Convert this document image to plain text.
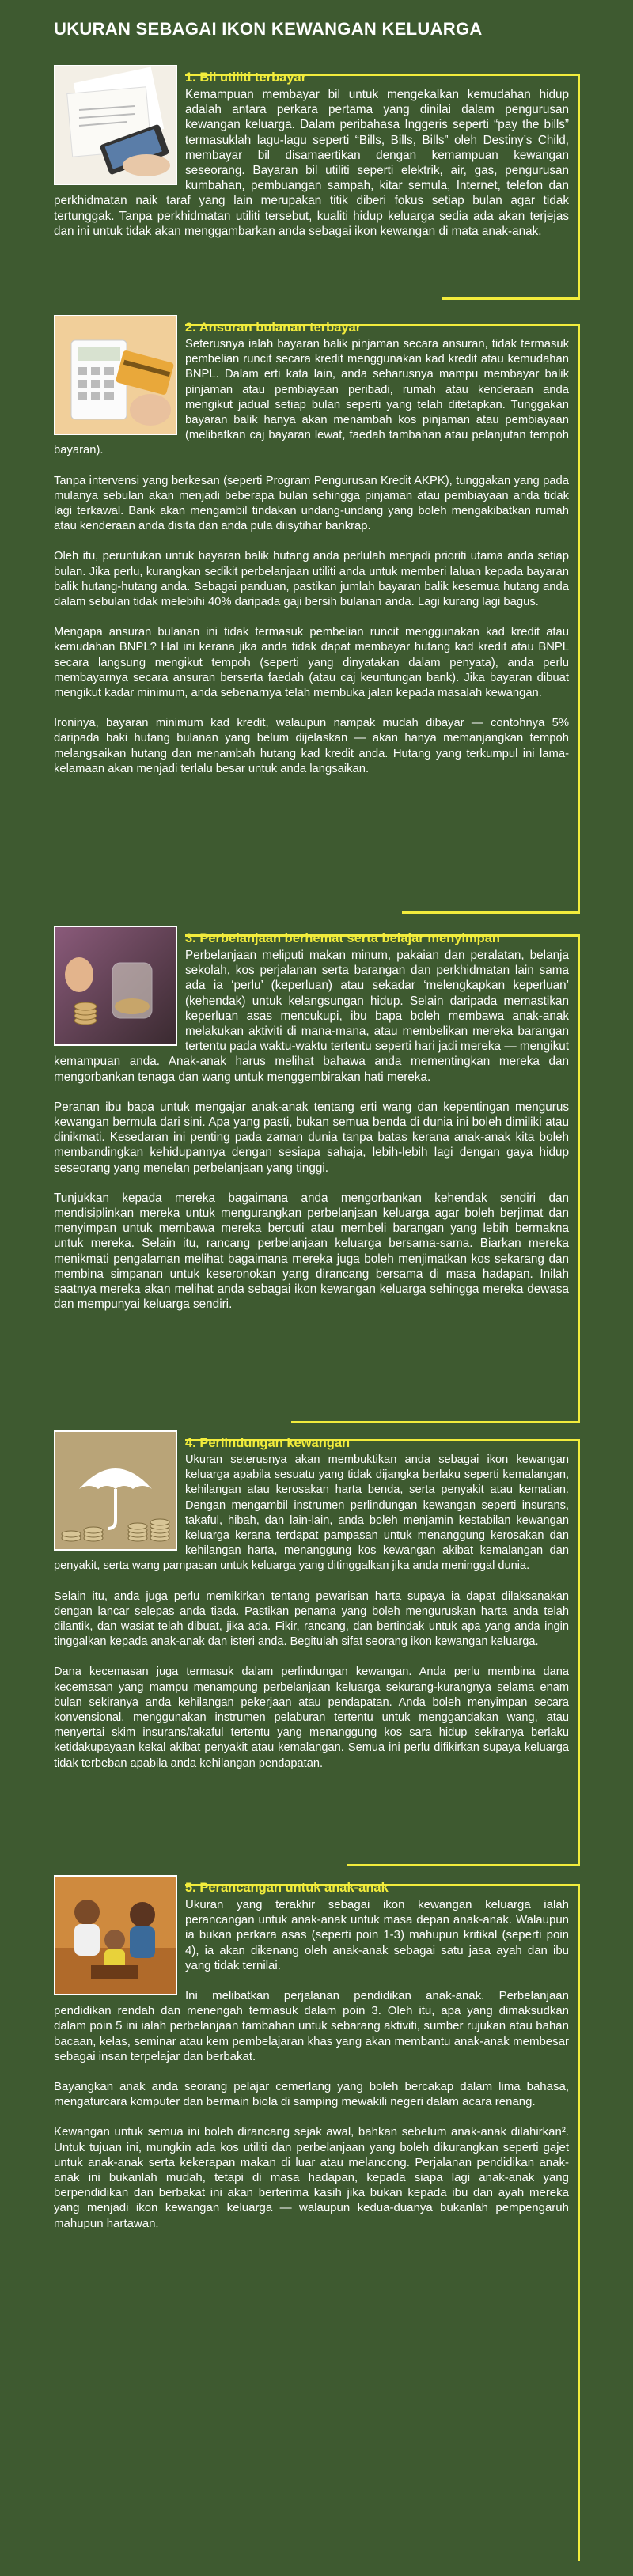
UKURAN SEBAGAI IKON KEWANGAN KELUARGA
1. Bil utiliti terbayar

Kemampuan membayar bil untuk mengekalkan kemudahan hidup adalah antara perkara pertama yang dinilai dalam pengurusan kewangan keluarga. Dalam peribahasa Inggeris seperti “pay the bills” termasuklah lagu-lagu seperti “Bills, Bills, Bills” oleh Destiny’s Child, membayar bil disamaertikan dengan kemampuan kewangan seseorang. Bayaran bil utiliti seperti elektrik, air, gas, pengurusan kumbahan, pembuangan sampah, kitar semula, Internet, telefon dan perkhidmatan naik taraf yang lain merupakan titik diberi fokus setiap bulan agar tidak tertunggak. Tanpa perkhidmatan utiliti tersebut, kualiti hidup keluarga sedia ada akan terjejas dan ini untuk tidak akan menggambarkan anda sebagai ikon kewangan di mata anak-anak.

2. Ansuran bulanan terbayar

Seterusnya ialah bayaran balik pinjaman secara ansuran, tidak termasuk pembelian runcit secara kredit menggunakan kad kredit atau kemudahan BNPL. Dalam erti kata lain, anda seharusnya mampu membayar balik pinjaman atau pembiayaan peribadi, rumah atau kenderaan anda mengikut jadual setiap bulan seperti yang telah ditetapkan. Tunggakan bayaran balik hanya akan menambah kos pinjaman atau pembiayaan (melibatkan caj bayaran lewat, faedah tambahan atau pelanjutan tempoh bayaran).

Tanpa intervensi yang berkesan (seperti Program Pengurusan Kredit AKPK), tunggakan yang pada mulanya sebulan akan menjadi beberapa bulan sehingga pinjaman atau pembiayaan anda tidak lagi terkawal. Bank akan mengambil tindakan undang-undang yang boleh mengakibatkan rumah atau kenderaan anda disita dan anda pula diisytihar bankrap.

Oleh itu, peruntukan untuk bayaran balik hutang anda perlulah menjadi prioriti utama anda setiap bulan. Jika perlu, kurangkan sedikit perbelanjaan utiliti anda untuk memberi laluan kepada bayaran balik hutang-hutang anda. Sebagai panduan, pastikan jumlah bayaran balik kesemua hutang anda dalam sebulan tidak melebihi 40% daripada gaji bersih bulanan anda. Lagi kurang lagi bagus.

Mengapa ansuran bulanan ini tidak termasuk pembelian runcit menggunakan kad kredit atau kemudahan BNPL? Hal ini kerana jika anda tidak dapat membayar hutang kad kredit atau BNPL secara langsung mengikut tempoh (seperti yang dinyatakan dalam penyata), anda perlu membayarnya secara ansuran berserta faedah (atau caj keuntungan bank). Jika bayaran dibuat mengikut kadar minimum, anda sebenarnya telah membuka jalan kepada masalah kewangan.

Ironinya, bayaran minimum kad kredit, walaupun nampak mudah dibayar — contohnya 5% daripada baki hutang bulanan yang belum dijelaskan — akan hanya memanjangkan tempoh melangsaikan hutang dan menambah hutang kad kredit anda. Hutang yang terkumpul ini lama-kelamaan akan menjadi terlalu besar untuk anda langsaikan.

3. Perbelanjaan berhemat serta belajar menyimpan

Perbelanjaan meliputi makan minum, pakaian dan peralatan, belanja sekolah, kos perjalanan serta barangan dan perkhidmatan lain sama ada ia ‘perlu’ (keperluan) atau sekadar ‘melengkapkan keperluan’ (kehendak) untuk kelangsungan hidup. Selain daripada memastikan keperluan asas mencukupi, ibu bapa boleh membawa anak-anak melakukan aktiviti di mana-mana, atau membelikan mereka barangan tertentu pada waktu-waktu tertentu seperti hari jadi mereka — mengikut kemampuan anda. Anak-anak harus melihat bahawa anda mementingkan mereka dan mengorbankan tenaga dan wang untuk menggembirakan hati mereka.

Peranan ibu bapa untuk mengajar anak-anak tentang erti wang dan kepentingan mengurus kewangan bermula dari sini. Apa yang pasti, bukan semua benda di dunia ini boleh dimiliki atau dinikmati. Kesedaran ini penting pada zaman dunia tanpa batas kerana anak-anak kita boleh membandingkan kehidupannya dengan sesiapa sahaja, lebih-lebih lagi dengan gaya hidup seseorang yang menelan perbelanjaan yang tinggi.

Tunjukkan kepada mereka bagaimana anda mengorbankan kehendak sendiri dan mendisiplinkan mereka untuk mengurangkan perbelanjaan keluarga agar boleh berjimat dan menyimpan untuk membawa mereka bercuti atau membeli barangan yang lebih bermakna untuk mereka. Selain itu, rancang perbelanjaan keluarga bersama-sama. Biarkan mereka menikmati pengalaman melihat bagaimana mereka juga boleh menjimatkan kos sekarang dan membina simpanan untuk keseronokan yang dirancang bersama di masa hadapan. Inilah saatnya mereka akan melihat anda sebagai ikon kewangan keluarga sehingga mereka dewasa dan mempunyai keluarga sendiri.

4. Perlindungan kewangan

Ukuran seterusnya akan membuktikan anda sebagai ikon kewangan keluarga apabila sesuatu yang tidak dijangka berlaku seperti kemalangan, kehilangan atau kerosakan harta benda, serta penyakit atau kematian. Dengan mengambil instrumen perlindungan kewangan seperti insurans, takaful, hibah, dan lain-lain, anda boleh menjamin kestabilan kewangan keluarga kerana terdapat pampasan untuk menanggung kerosakan dan kehilangan harta, menanggung kos kewangan akibat kemalangan dan penyakit, serta wang pampasan untuk keluarga yang ditinggalkan jika anda meninggal dunia.

Selain itu, anda juga perlu memikirkan tentang pewarisan harta supaya ia dapat dilaksanakan dengan lancar selepas anda tiada. Pastikan penama yang boleh menguruskan harta anda telah dilantik, dan wasiat telah dibuat, jika ada. Fikir, rancang, dan bertindak untuk apa yang anda ingin tinggalkan kepada anak-anak dan isteri anda. Begitulah sifat seorang ikon kewangan keluarga.

Dana kecemasan juga termasuk dalam perlindungan kewangan. Anda perlu membina dana kecemasan yang mampu menampung perbelanjaan keluarga sekurang-kurangnya selama enam bulan sekiranya anda kehilangan pekerjaan atau pendapatan. Anda boleh menyimpan secara konvensional, menggunakan instrumen pelaburan tertentu untuk menggandakan wang, atau menyertai skim insurans/takaful tertentu yang menanggung kos sara hidup sekiranya berlaku ketidakupayaan kekal akibat penyakit atau kemalangan. Semua ini perlu difikirkan supaya keluarga tidak terbeban apabila anda kehilangan pendapatan.

5. Perancangan untuk anak-anak

Ukuran yang terakhir sebagai ikon kewangan keluarga ialah perancangan untuk anak-anak untuk masa depan anak-anak. Walaupun ia bukan perkara asas (seperti poin 1-3) mahupun kritikal (seperti poin 4), ia akan dikenang oleh anak-anak sebagai satu jasa ayah dan ibu yang tidak ternilai.

Ini melibatkan perjalanan pendidikan anak-anak. Perbelanjaan pendidikan rendah dan menengah termasuk dalam poin 3. Oleh itu, apa yang dimaksudkan dalam poin 5 ini ialah perbelanjaan tambahan untuk sebarang aktiviti, sumber rujukan atau bahan bacaan, kelas, seminar atau kem pembelajaran khas yang akan membantu anak-anak membesar sebagai insan terpelajar dan berbakat.

Bayangkan anak anda seorang pelajar cemerlang yang boleh bercakap dalam lima bahasa, mengaturcara komputer dan bermain biola di samping mewakili negeri dalam acara renang.

Kewangan untuk semua ini boleh dirancang sejak awal, bahkan sebelum anak-anak dilahirkan². Untuk tujuan ini, mungkin ada kos utiliti dan perbelanjaan yang boleh dikurangkan seperti gajet untuk anak-anak serta kekerapan makan di luar atau melancong. Perjalanan pendidikan anak-anak ini bukanlah mudah, tetapi di masa hadapan, kepada siapa lagi anak-anak yang berpendidikan dan berbakat ini akan berterima kasih jika bukan kepada ibu dan ayah mereka yang menjadi ikon kewangan keluarga — walaupun kedua-duanya bukanlah pempengaruh mahupun hartawan.
